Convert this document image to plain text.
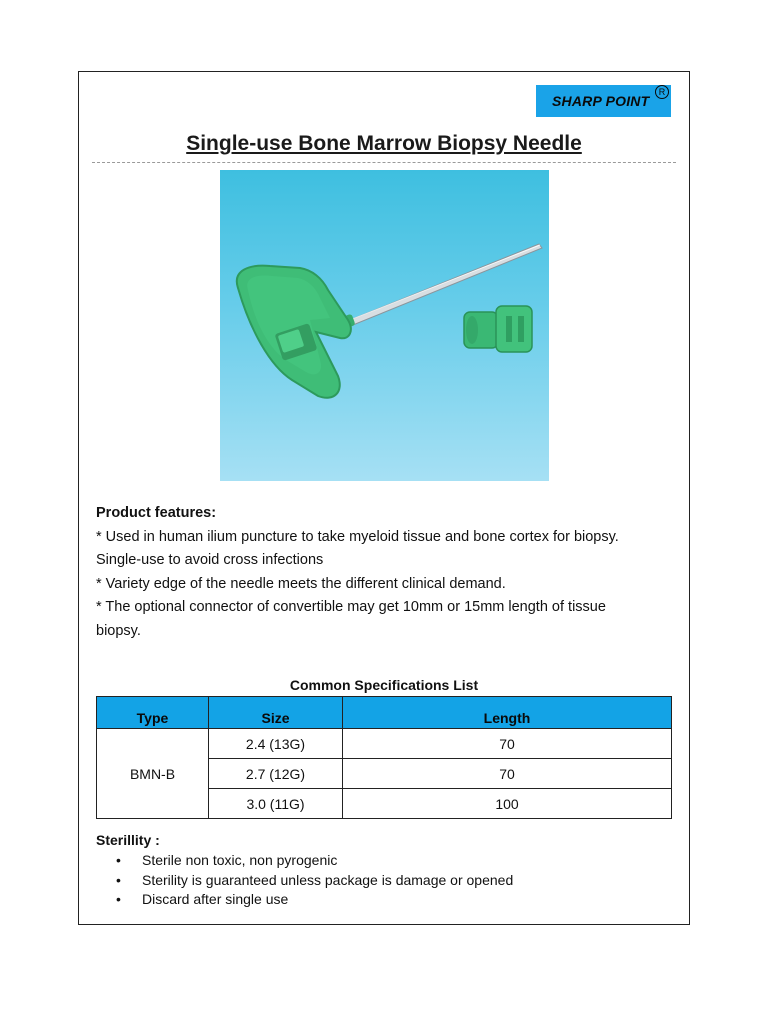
SHARP POINT
R
Single-use Bone Marrow Biopsy Needle
Product features:
* Used in human ilium puncture to take myeloid tissue and bone cortex for biopsy.
Single-use to avoid cross infections
* Variety edge of the needle meets the different clinical demand.
* The optional connector of convertible may get 10mm or 15mm length of tissue
biopsy.
Common Specifications List
Type	Size	Length
BMN-B	2.4 (13G)	70
	2.7 (12G)	70
	3.0 (11G)	100
Sterillity :
• Sterile non toxic, non pyrogenic
• Sterility is guaranteed unless package is damage or opened
• Discard after single use
